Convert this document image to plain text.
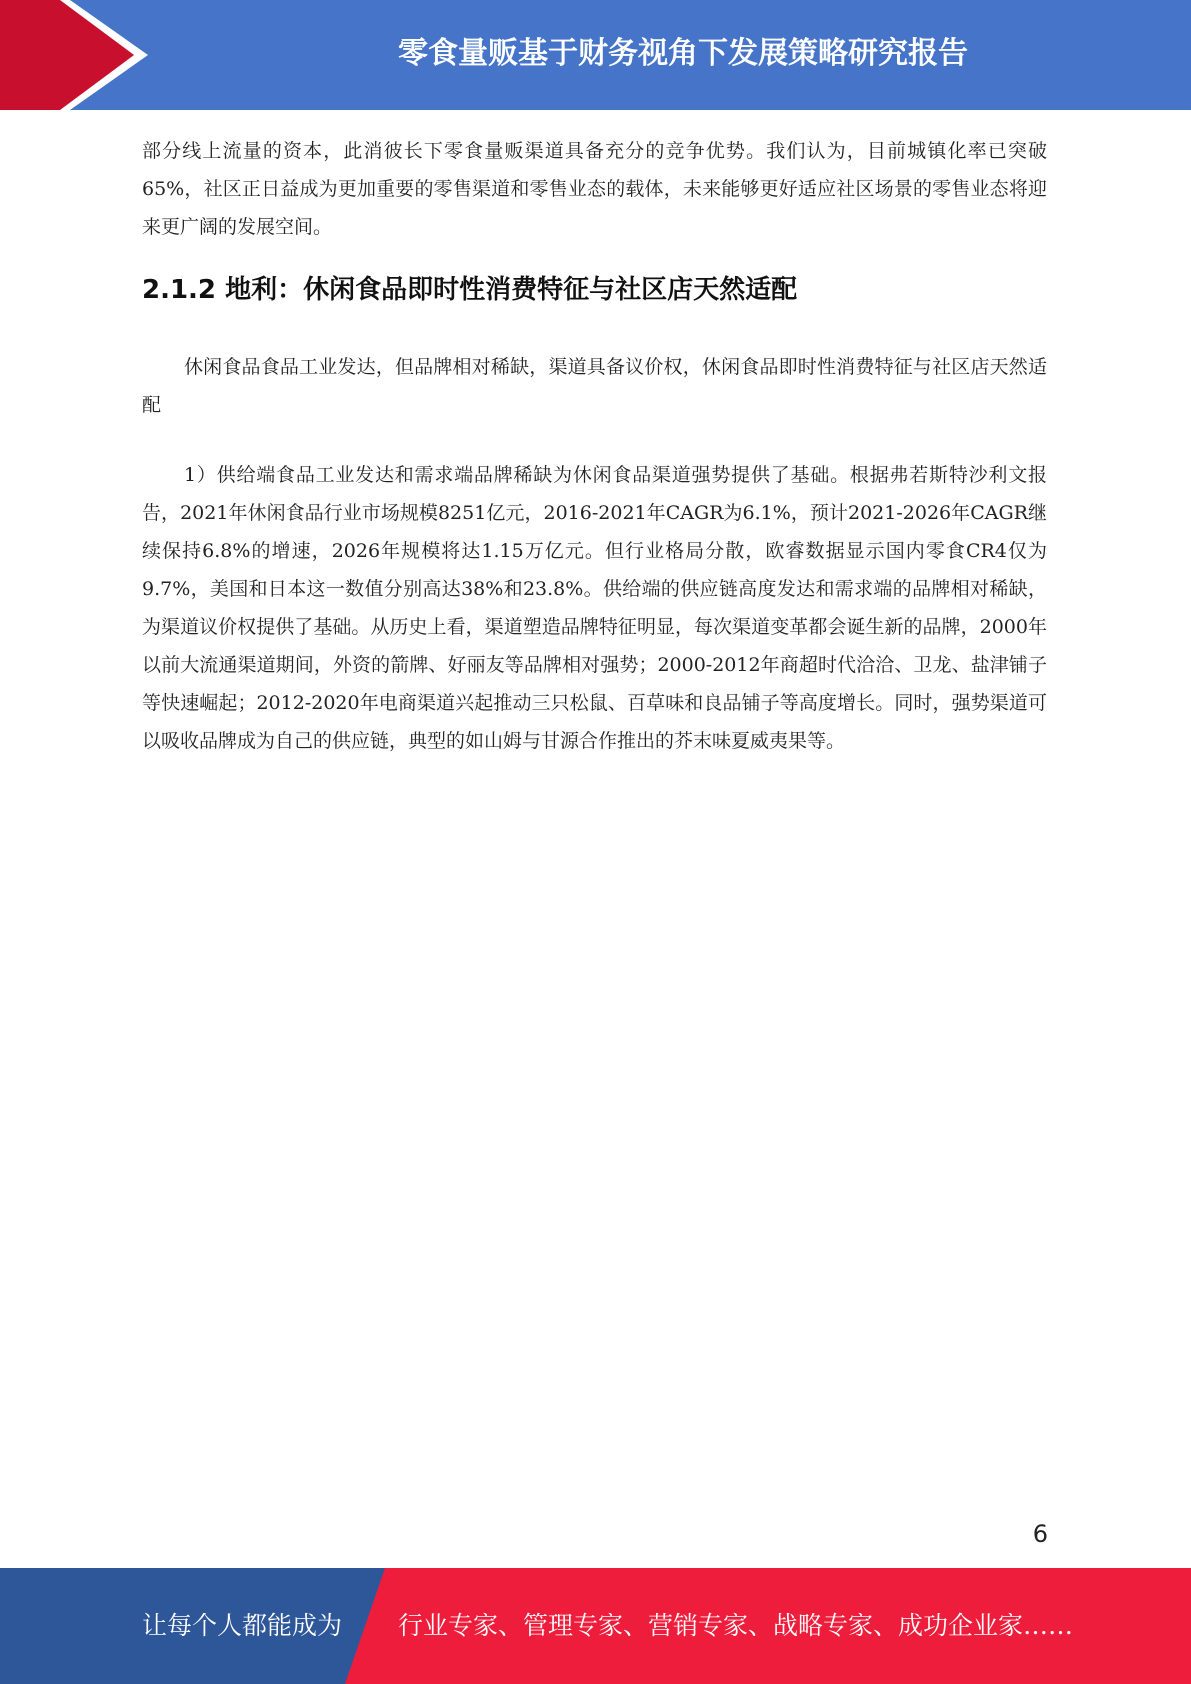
零食量贩基于财务视角下发展策略研究报告

部分线上流量的资本，此消彼长下零食量贩渠道具备充分的竞争优势。我们认为，目前城镇化率已突破65%，社区正日益成为更加重要的零售渠道和零售业态的载体，未来能够更好适应社区场景的零售业态将迎来更广阔的发展空间。

2.1.2 地利：休闲食品即时性消费特征与社区店天然适配

休闲食品食品工业发达，但品牌相对稀缺，渠道具备议价权，休闲食品即时性消费特征与社区店天然适配

1）供给端食品工业发达和需求端品牌稀缺为休闲食品渠道强势提供了基础。根据弗若斯特沙利文报告，2021年休闲食品行业市场规模8251亿元，2016-2021年CAGR为6.1%，预计2021-2026年CAGR继续保持6.8%的增速，2026年规模将达1.15万亿元。但行业格局分散，欧睿数据显示国内零食CR4仅为9.7%，美国和日本这一数值分别高达38%和23.8%。供给端的供应链高度发达和需求端的品牌相对稀缺，为渠道议价权提供了基础。从历史上看，渠道塑造品牌特征明显，每次渠道变革都会诞生新的品牌，2000年以前大流通渠道期间，外资的箭牌、好丽友等品牌相对强势；2000-2012年商超时代洽洽、卫龙、盐津铺子等快速崛起；2012-2020年电商渠道兴起推动三只松鼠、百草味和良品铺子等高度增长。同时，强势渠道可以吸收品牌成为自己的供应链，典型的如山姆与甘源合作推出的芥末味夏威夷果等。

6
让每个人都能成为 行业专家、管理专家、营销专家、战略专家、成功企业家……
